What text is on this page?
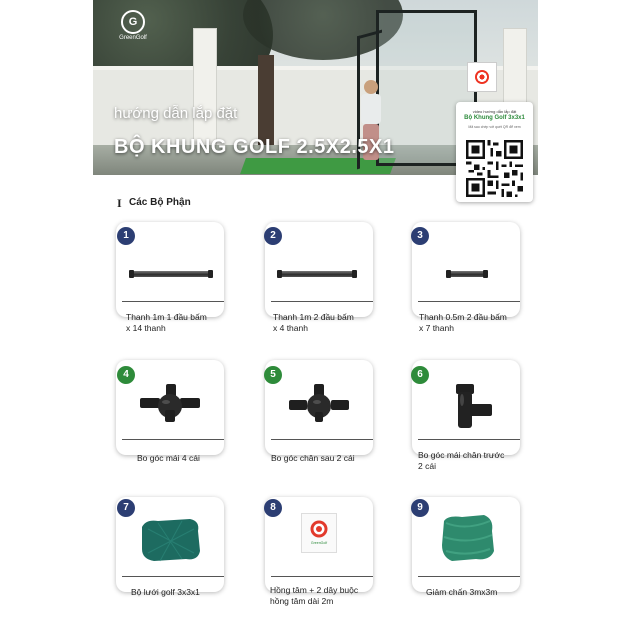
G
GreenGolf
hướng dẫn lắp đặt
BỘ KHUNG GOLF 2.5X2.5X1
video hướng dẫn lắp đặt
Bộ Khung Golf 3x3x1
Mã sao chép với quét QR để xem
I Các Bộ Phận
1
Thanh 1m 1 đầu bấm
x 14 thanh
2
Thanh 1m 2 đầu bấm
x 4 thanh
3
Thanh 0.5m 2 đầu bấm
x 7 thanh
4
Bo góc mái 4 cái
5
Bo góc chân sau 2 cái
6
Bo góc mái chân trước
2 cái
7
Bộ lưới golf 3x3x1
GreenGolf
8
Hồng tâm + 2 dây buộc
hồng tâm dài 2m
9
Giảm chấn 3mx3m
